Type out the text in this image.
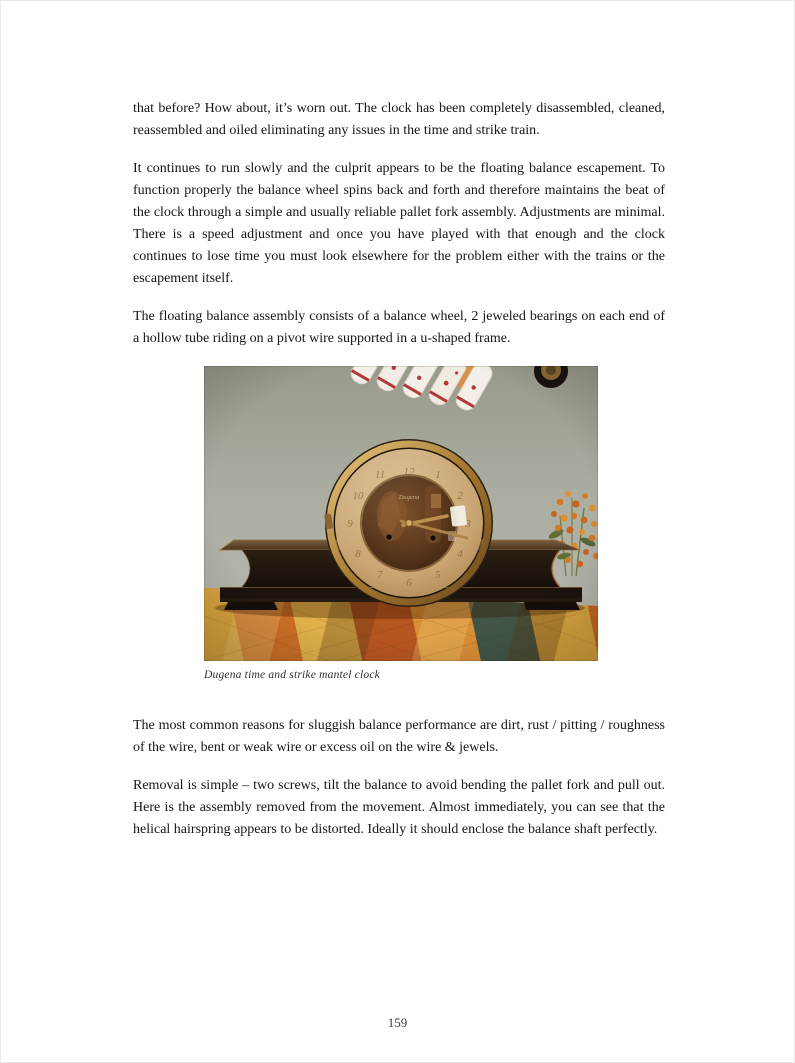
that before? How about, it’s worn out. The clock has been completely disassembled, cleaned, reassembled and oiled eliminating any issues in the time and strike train.

It continues to run slowly and the culprit appears to be the floating balance escapement. To function properly the balance wheel spins back and forth and therefore maintains the beat of the clock through a simple and usually reliable pallet fork assembly. Adjustments are minimal. There is a speed adjustment and once you have played with that enough and the clock continues to lose time you must look elsewhere for the problem either with the trains or the escapement itself.

The floating balance assembly consists of a balance wheel, 2 jeweled bearings on each end of a hollow tube riding on a pivot wire supported in a u-shaped frame.

Dugena time and strike mantel clock

The most common reasons for sluggish balance performance are dirt, rust / pitting / roughness of the wire, bent or weak wire or excess oil on the wire & jewels.

Removal is simple – two screws, tilt the balance to avoid bending the pallet fork and pull out. Here is the assembly removed from the movement. Almost immediately, you can see that the helical hairspring appears to be distorted. Ideally it should enclose the balance shaft perfectly.

159
